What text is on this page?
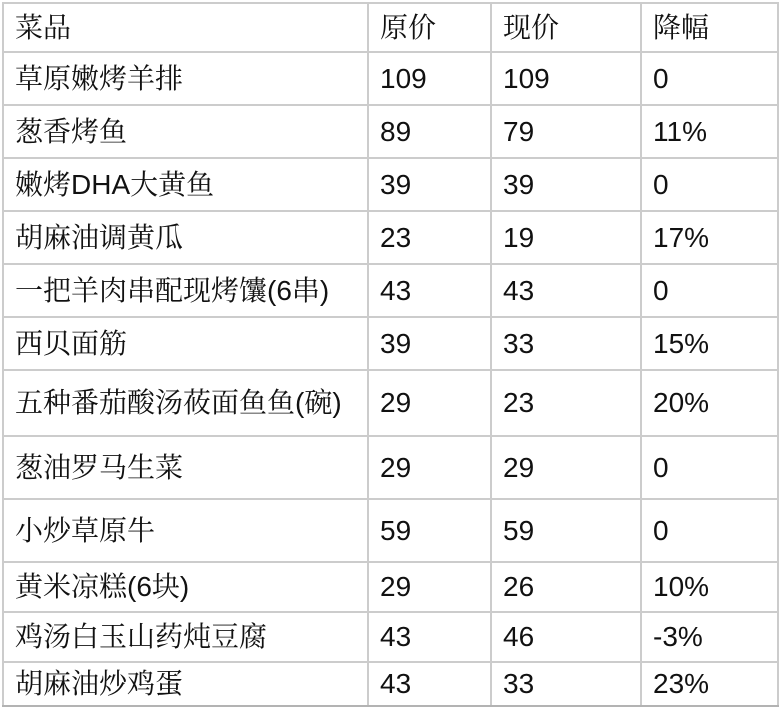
菜品	原价	现价	降幅
草原嫩烤羊排	109	109	0
葱香烤鱼	89	79	11%
嫩烤DHA大黄鱼	39	39	0
胡麻油调黄瓜	23	19	17%
一把羊肉串配现烤馕(6串)	43	43	0
西贝面筋	39	33	15%
五种番茄酸汤莜面鱼鱼(碗)	29	23	20%
葱油罗马生菜	29	29	0
小炒草原牛	59	59	0
黄米凉糕(6块)	29	26	10%
鸡汤白玉山药炖豆腐	43	46	-3%
胡麻油炒鸡蛋	43	33	23%
